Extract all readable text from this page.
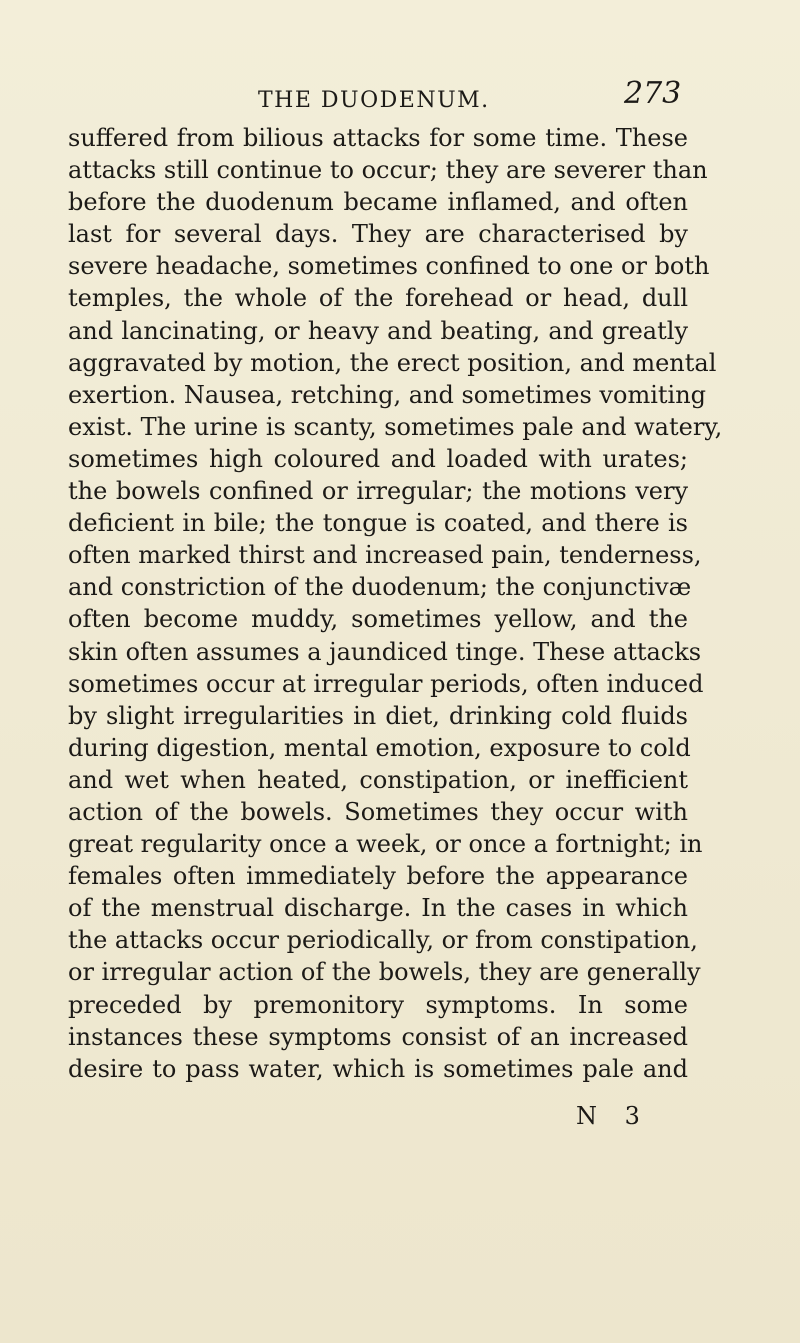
THE DUODENUM.	273
suffered from bilious attacks for some time. These
attacks still continue to occur; they are severer than
before the duodenum became inflamed, and often
last for several days. They are characterised by
severe headache, sometimes confined to one or both
temples, the whole of the forehead or head, dull
and lancinating, or heavy and beating, and greatly
aggravated by motion, the erect position, and mental
exertion. Nausea, retching, and sometimes vomiting
exist. The urine is scanty, sometimes pale and watery,
sometimes high coloured and loaded with urates;
the bowels confined or irregular; the motions very
deficient in bile; the tongue is coated, and there is
often marked thirst and increased pain, tenderness,
and constriction of the duodenum; the conjunctivæ
often become muddy, sometimes yellow, and the
skin often assumes a jaundiced tinge. These attacks
sometimes occur at irregular periods, often induced
by slight irregularities in diet, drinking cold fluids
during digestion, mental emotion, exposure to cold
and wet when heated, constipation, or inefficient
action of the bowels. Sometimes they occur with
great regularity once a week, or once a fortnight; in
females often immediately before the appearance
of the menstrual discharge. In the cases in which
the attacks occur periodically, or from constipation,
or irregular action of the bowels, they are generally
preceded by premonitory symptoms. In some
instances these symptoms consist of an increased
desire to pass water, which is sometimes pale and
N 3
